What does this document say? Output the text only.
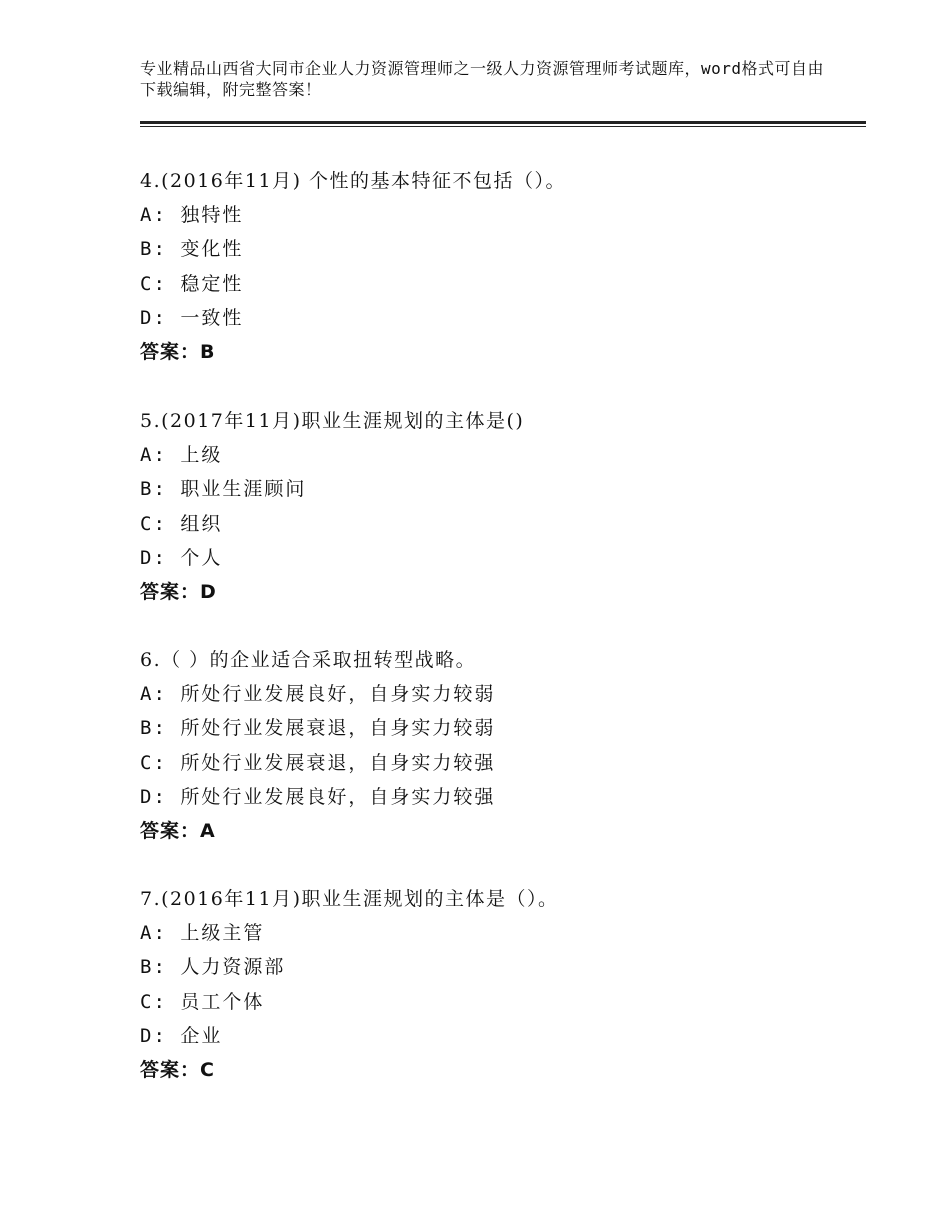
专业精品山西省大同市企业人力资源管理师之一级人力资源管理师考试题库，word格式可自由下载编辑，附完整答案！
4.(2016年11月) 个性的基本特征不包括（）。
A: 独特性
B: 变化性
C: 稳定性
D: 一致性
答案：B
5.(2017年11月)职业生涯规划的主体是()
A: 上级
B: 职业生涯顾问
C: 组织
D: 个人
答案：D
6.（ ）的企业适合采取扭转型战略。
A: 所处行业发展良好，自身实力较弱
B: 所处行业发展衰退，自身实力较弱
C: 所处行业发展衰退，自身实力较强
D: 所处行业发展良好，自身实力较强
答案：A
7.(2016年11月)职业生涯规划的主体是（）。
A: 上级主管
B: 人力资源部
C: 员工个体
D: 企业
答案：C
